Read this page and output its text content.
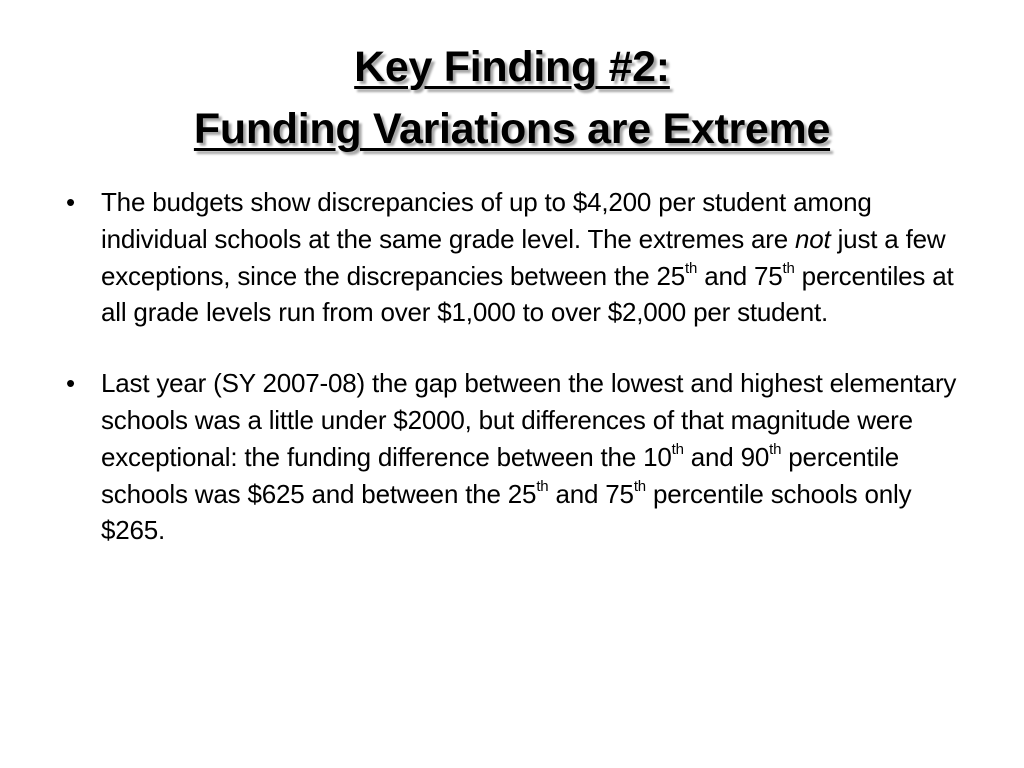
Key Finding #2:
Funding Variations are Extreme
•	The budgets show discrepancies of up to $4,200 per student among individual schools at the same grade level. The extremes are not just a few exceptions, since the discrepancies between the 25th and 75th percentiles at all grade levels run from over $1,000 to over $2,000 per student.
•	Last year (SY 2007-08) the gap between the lowest and highest elementary schools was a little under $2000, but differences of that magnitude were exceptional: the funding difference between the 10th and 90th percentile schools was $625 and between the 25th and 75th percentile schools only $265.
